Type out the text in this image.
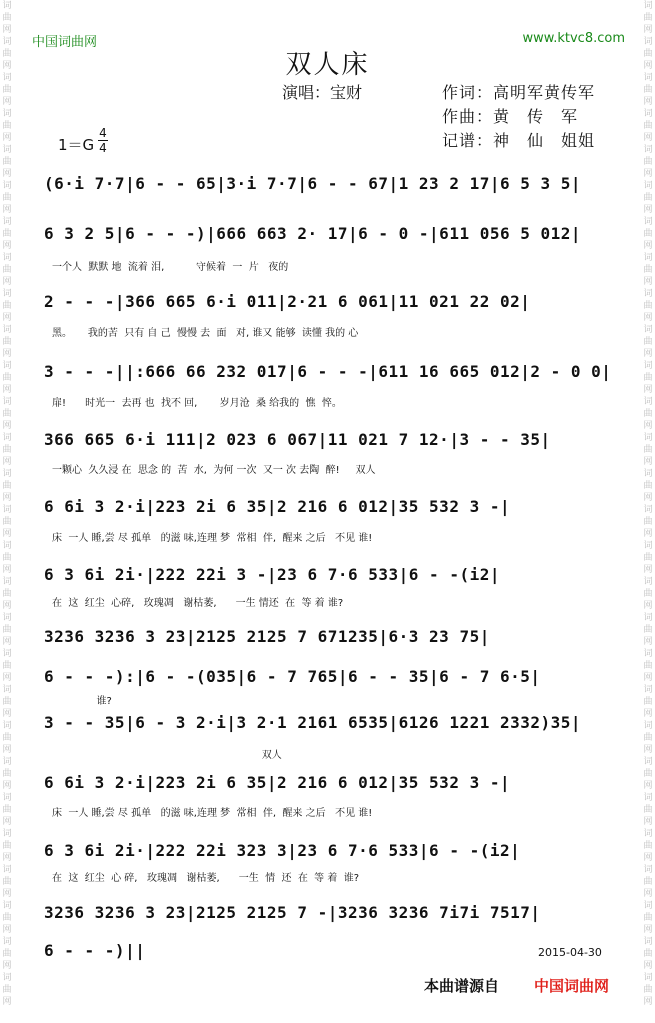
词曲网
词曲网
词曲网
词曲网
词曲网
词曲网
词曲网
词曲网
词曲网
词曲网
词曲网
词曲网
词曲网
词曲网
词曲网
词曲网
词曲网
词曲网
词曲网
词曲网
词曲网
词曲网
词曲网
词曲网
词曲网
词曲网
词曲网
词曲网
词曲网
词曲网
词曲网
词曲网
词曲网
词曲网
词曲网
词曲网
词曲网
词曲网
词曲网
词曲网
词曲网
词曲网
词曲网
词曲网
词曲网
词曲网
词曲网
词曲网
词曲网
词曲网
词曲网
词曲网
词曲网
词曲网
词曲网
词曲网
中国词曲网	www.ktvc8.com
双人床
演唱：宝财	作词：高明军黄传军
作曲：黄　传　军
记谱：神　仙　姐姐
1＝G
4
4
(6·i 7·7|6 - - 65|3·i 7·7|6 - - 67|1 23 2 17|6 5 3 5|
6 3 2 5|6 - - -)|666 663 2· 17|6 - 0 -|611 056 5 012|
一个人  默默 地  流着 泪,          守候着  一  片   夜的
2 - - -|366 665 6·i 011|2·21 6 061|11 021 22 02|
黑。     我的苦  只有 自 己  慢慢 去  面   对, 谁又 能够  读懂 我的 心
3 - - -||:666 66 232 017|6 - - -|611 16 665 012|2 - 0 0|
扉!      时光一  去再 也  找不 回,       岁月沧  桑 给我的  憔  悴。
366 665 6·i 111|2 023 6 067|11 021 7 12·|3 - - 35|
一颗心  久久浸 在  思念 的  苦  水,  为何 一次  又一 次 去陶  醉!     双人
6 6i 3 2·i|223 2i 6 35|2 216 6 012|35 532 3 -|
床  一人 睡,尝 尽 孤单   的滋 味,连理 梦  常相  伴,  醒来 之后   不见 谁!
6 3 6i 2i·|222 22i 3 -|23 6 7·6 533|6 - -(i2|
在  这  红尘  心碎,   玫瑰凋   谢枯萎,      一生 情还  在  等 着 谁?
3236 3236 3 23|2125 2125 7 671235|6·3 23 75|
6 - - -):|6 - -(035|6 - 7 765|6 - - 35|6 - 7 6·5|
谁?
3 - - 35|6 - 3 2·i|3 2·1 2161 6535|6126 1221 2332)35|
双人
6 6i 3 2·i|223 2i 6 35|2 216 6 012|35 532 3 -|
床  一人 睡,尝 尽 孤单   的滋 味,连理 梦  常相  伴,  醒来 之后   不见 谁!
6 3 6i 2i·|222 22i 323 3|23 6 7·6 533|6 - -(i2|
在  这  红尘  心 碎,   玫瑰凋   谢枯萎,      一生  情  还  在  等 着  谁?
3236 3236 3 23|2125 2125 7 -|3236 3236 7i7i 7517|
6 - - -)||	2015-04-30
本曲谱源自 中国词曲网
